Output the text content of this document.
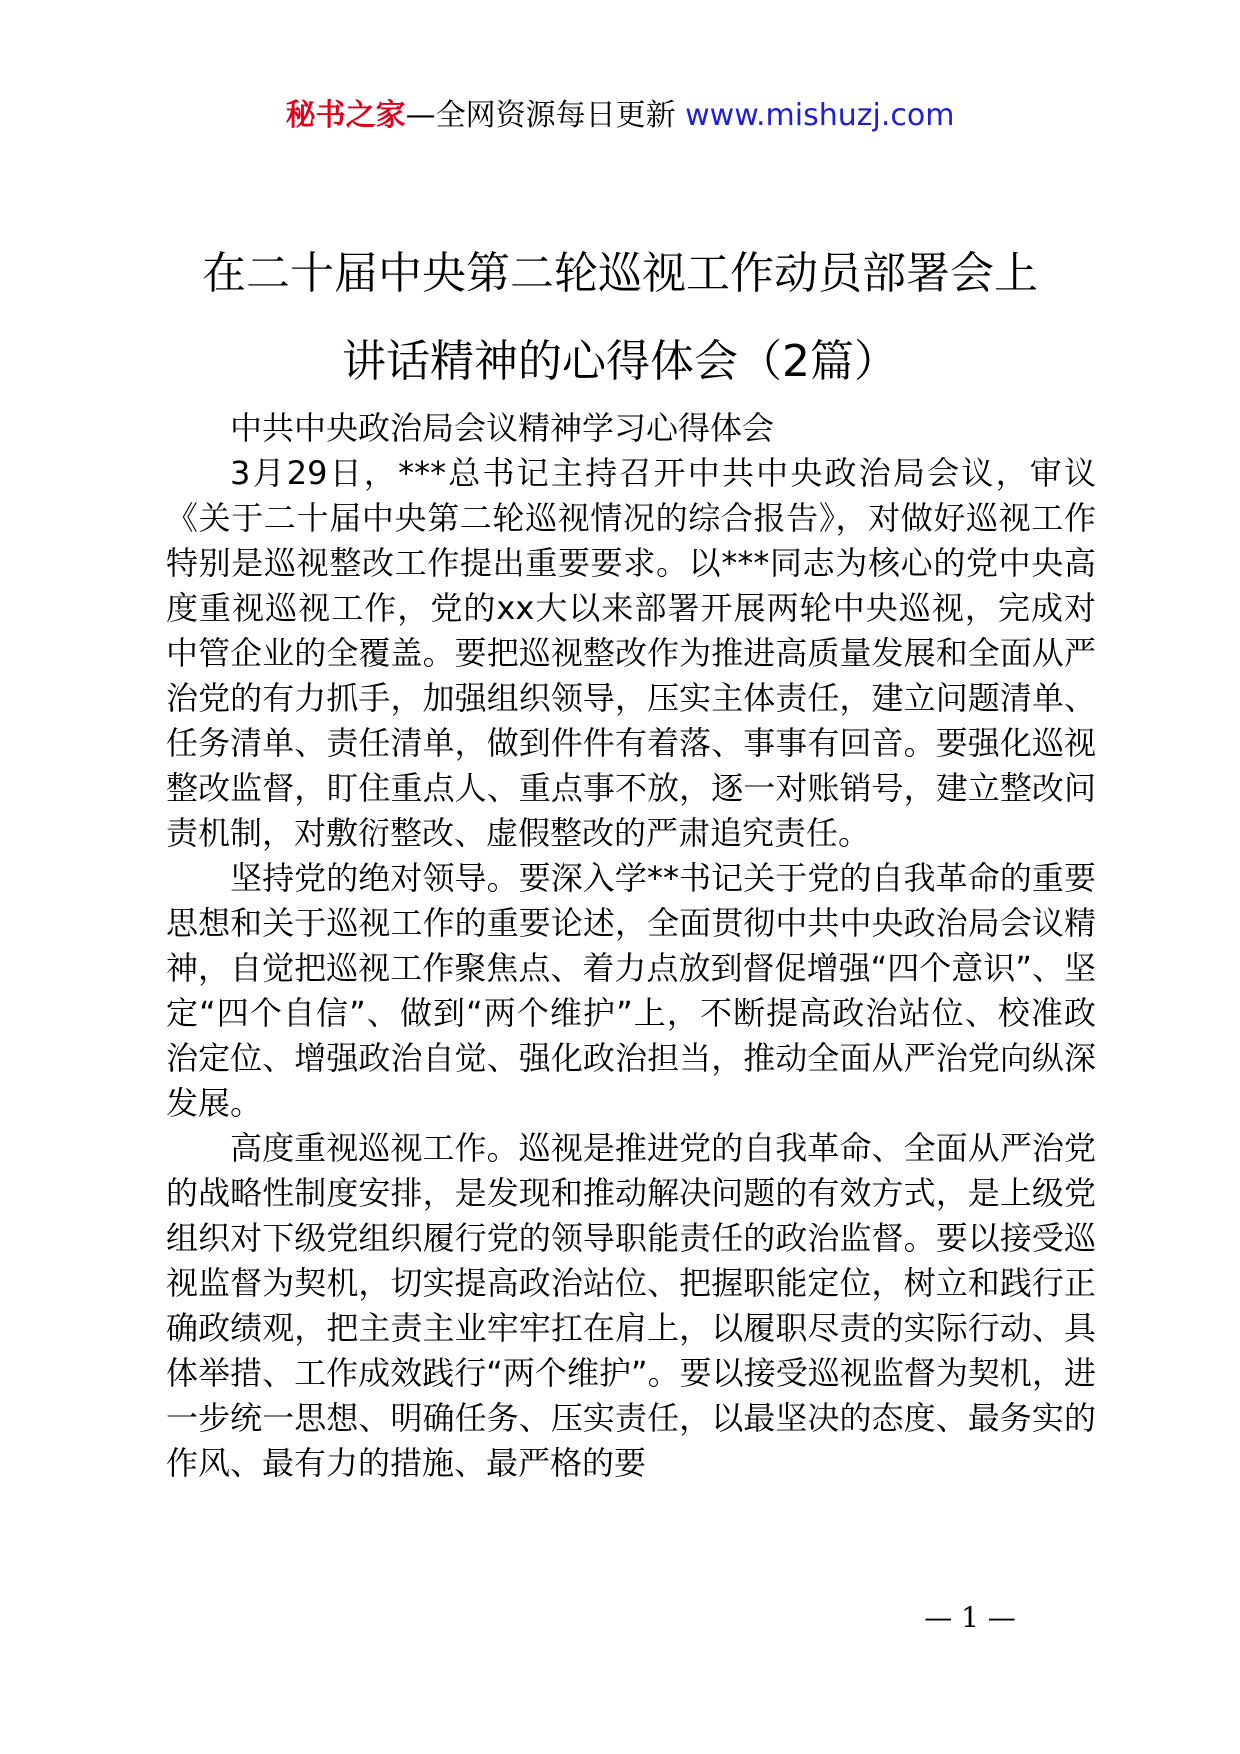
秘书之家—全网资源每日更新 www.mishuzj.com
在二十届中央第二轮巡视工作动员部署会上
讲话精神的心得体会（2篇）

中共中央政治局会议精神学习心得体会

3月29日，***总书记主持召开中共中央政治局会议，审议《关于二十届中央第二轮巡视情况的综合报告》，对做好巡视工作特别是巡视整改工作提出重要要求。以***同志为核心的党中央高度重视巡视工作，党的xx大以来部署开展两轮中央巡视，完成对中管企业的全覆盖。要把巡视整改作为推进高质量发展和全面从严治党的有力抓手，加强组织领导，压实主体责任，建立问题清单、任务清单、责任清单，做到件件有着落、事事有回音。要强化巡视整改监督，盯住重点人、重点事不放，逐一对账销号，建立整改问责机制，对敷衍整改、虚假整改的严肃追究责任。

坚持党的绝对领导。要深入学**书记关于党的自我革命的重要思想和关于巡视工作的重要论述，全面贯彻中共中央政治局会议精神，自觉把巡视工作聚焦点、着力点放到督促增强“四个意识”、坚定“四个自信”、做到“两个维护”上，不断提高政治站位、校准政治定位、增强政治自觉、强化政治担当，推动全面从严治党向纵深发展。

高度重视巡视工作。巡视是推进党的自我革命、全面从严治党的战略性制度安排，是发现和推动解决问题的有效方式，是上级党组织对下级党组织履行党的领导职能责任的政治监督。要以接受巡视监督为契机，切实提高政治站位、把握职能定位，树立和践行正确政绩观，把主责主业牢牢扛在肩上，以履职尽责的实际行动、具体举措、工作成效践行“两个维护”。要以接受巡视监督为契机，进一步统一思想、明确任务、压实责任，以最坚决的态度、最务实的作风、最有力的措施、最严格的要

— 1 —
